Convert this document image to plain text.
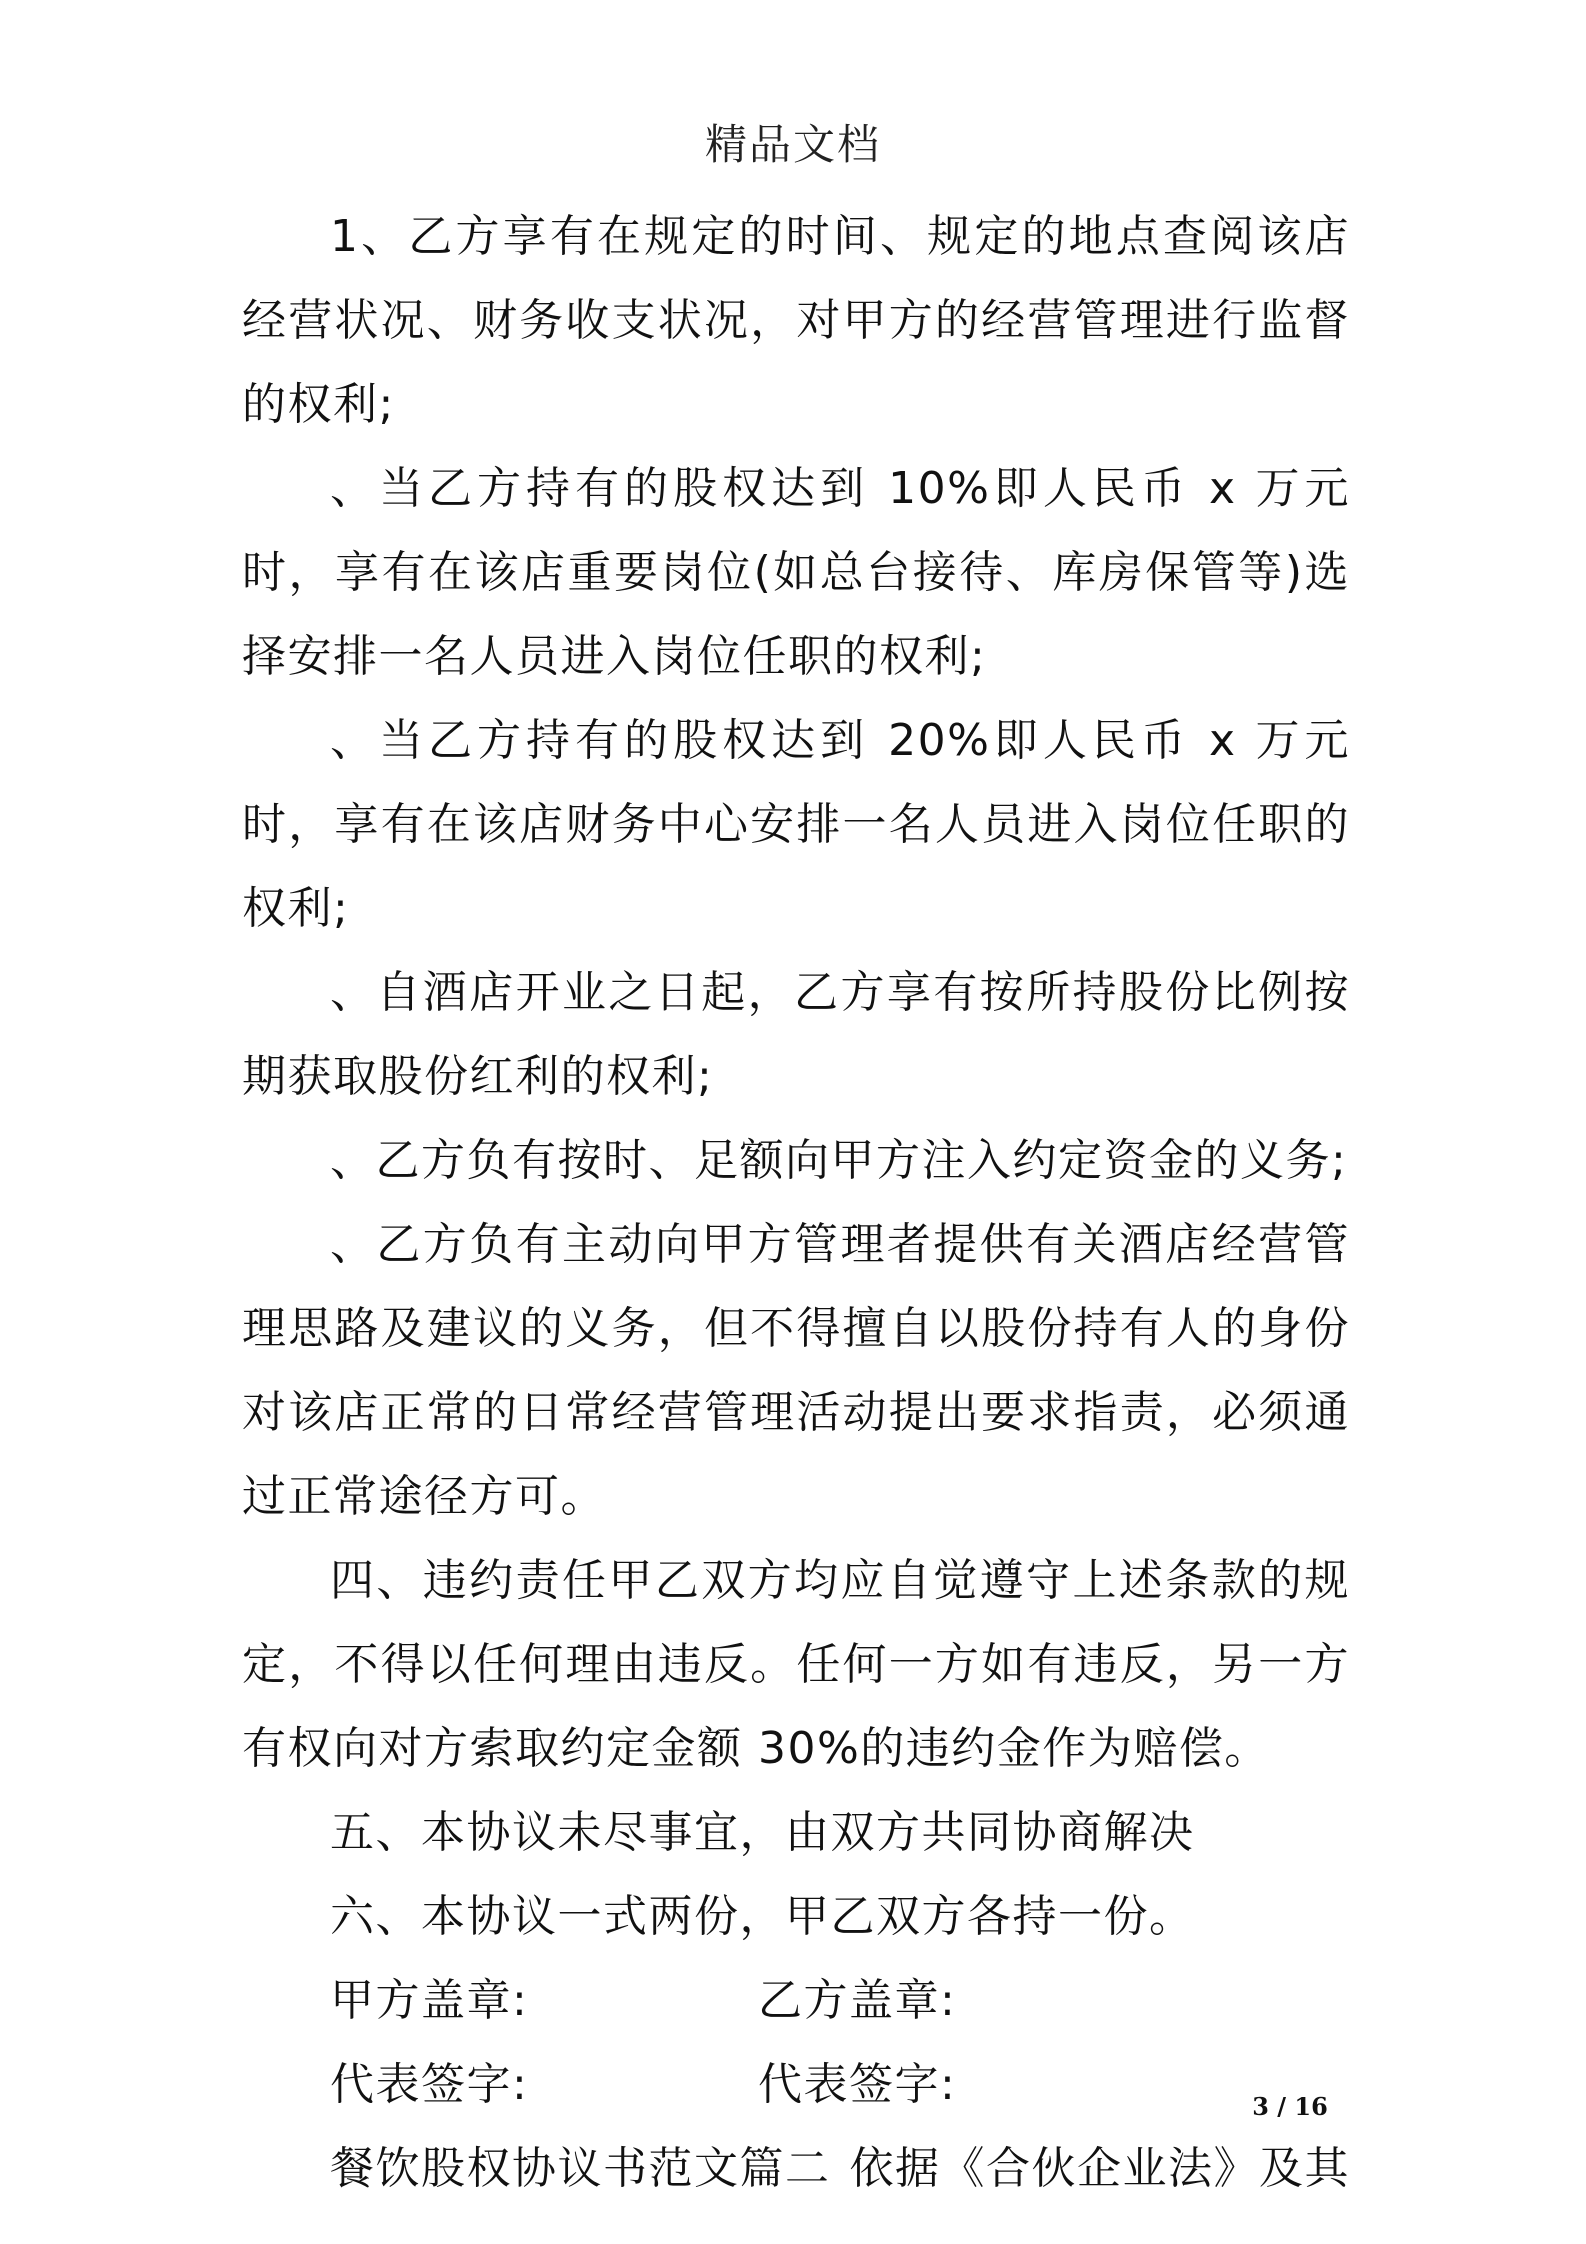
精品文档

1、乙方享有在规定的时间、规定的地点查阅该店经营状况、财务收支状况，对甲方的经营管理进行监督的权利;

、当乙方持有的股权达到 10%即人民币 x 万元时，享有在该店重要岗位(如总台接待、库房保管等)选择安排一名人员进入岗位任职的权利;

、当乙方持有的股权达到 20%即人民币 x 万元时，享有在该店财务中心安排一名人员进入岗位任职的权利;

、自酒店开业之日起，乙方享有按所持股份比例按期获取股份红利的权利;

、乙方负有按时、足额向甲方注入约定资金的义务;

、乙方负有主动向甲方管理者提供有关酒店经营管理思路及建议的义务，但不得擅自以股份持有人的身份对该店正常的日常经营管理活动提出要求指责，必须通过正常途径方可。

四、违约责任甲乙双方均应自觉遵守上述条款的规定，不得以任何理由违反。任何一方如有违反，另一方有权向对方索取约定金额 30%的违约金作为赔偿。

五、本协议未尽事宜，由双方共同协商解决

六、本协议一式两份，甲乙双方各持一份。

甲方盖章:	乙方盖章:
代表签字:	代表签字:
餐饮股权协议书范文篇二 依据《合伙企业法》及其
3 / 16
